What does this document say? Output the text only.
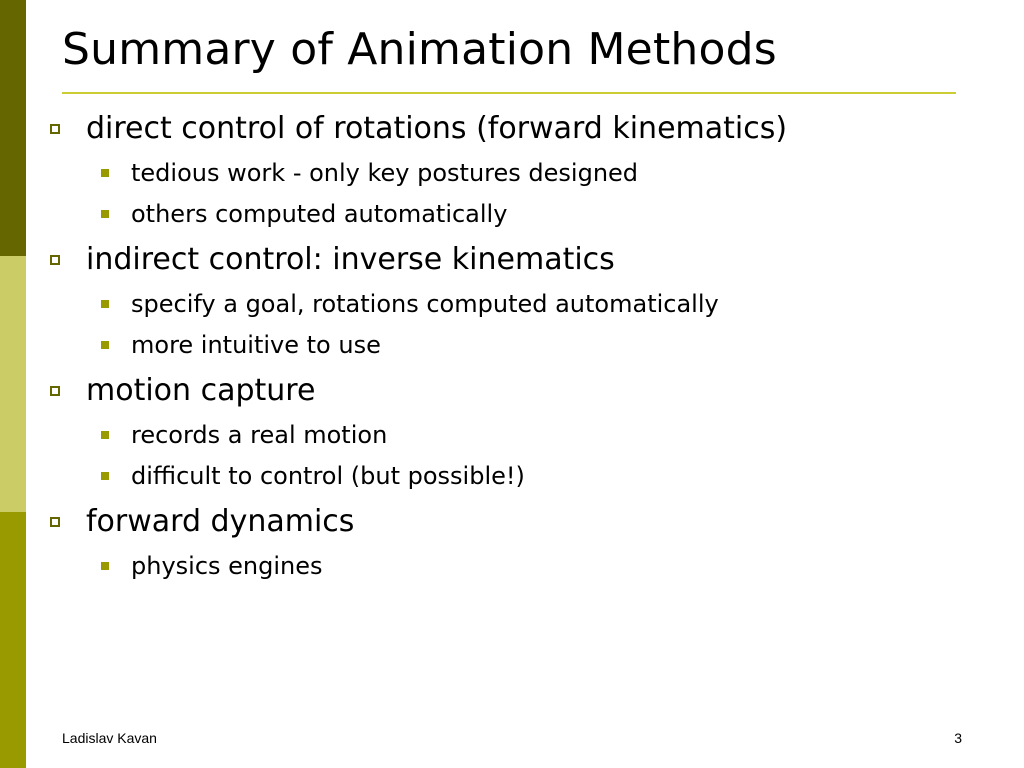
Summary of Animation Methods
direct control of rotations (forward kinematics)
tedious work - only key postures designed
others computed automatically
indirect control: inverse kinematics
specify a goal, rotations computed automatically
more intuitive to use
motion capture
records a real motion
difficult to control (but possible!)
forward dynamics
physics engines
Ladislav Kavan	3
